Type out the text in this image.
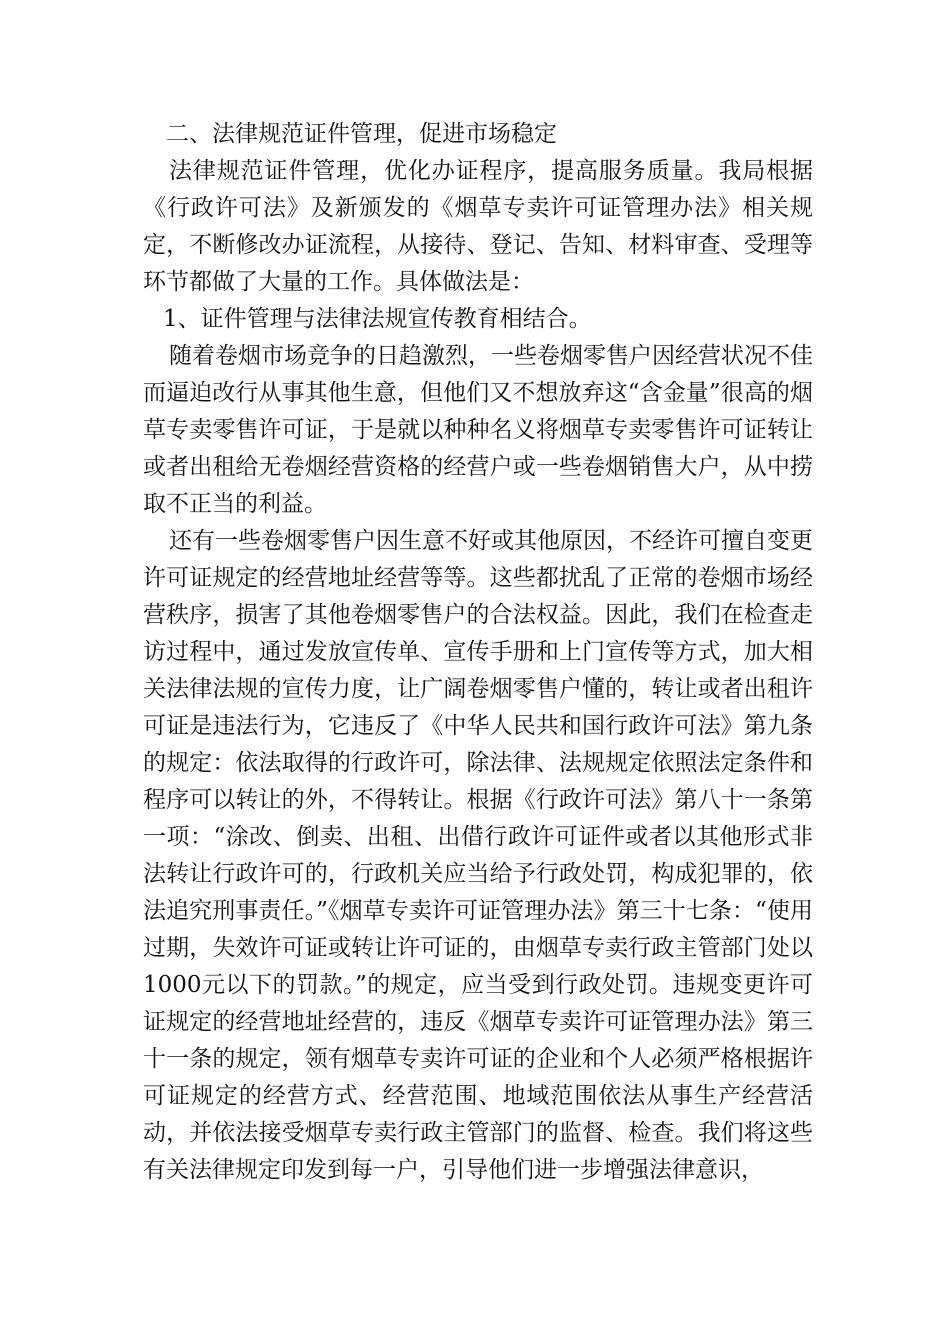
二、法律规范证件管理，促进市场稳定

法律规范证件管理，优化办证程序，提高服务质量。我局根据《行政许可法》及新颁发的《烟草专卖许可证管理办法》相关规定，不断修改办证流程，从接待、登记、告知、材料审查、受理等环节都做了大量的工作。具体做法是：

1、证件管理与法律法规宣传教育相结合。

随着卷烟市场竞争的日趋激烈，一些卷烟零售户因经营状况不佳而逼迫改行从事其他生意，但他们又不想放弃这“含金量”很高的烟草专卖零售许可证，于是就以种种名义将烟草专卖零售许可证转让或者出租给无卷烟经营资格的经营户或一些卷烟销售大户，从中捞取不正当的利益。

还有一些卷烟零售户因生意不好或其他原因，不经许可擅自变更许可证规定的经营地址经营等等。这些都扰乱了正常的卷烟市场经营秩序，损害了其他卷烟零售户的合法权益。因此，我们在检查走访过程中，通过发放宣传单、宣传手册和上门宣传等方式，加大相关法律法规的宣传力度，让广阔卷烟零售户懂的，转让或者出租许可证是违法行为，它违反了《中华人民共和国行政许可法》第九条的规定：依法取得的行政许可，除法律、法规规定依照法定条件和程序可以转让的外，不得转让。根据《行政许可法》第八十一条第一项：“涂改、倒卖、出租、出借行政许可证件或者以其他形式非法转让行政许可的，行政机关应当给予行政处罚，构成犯罪的，依法追究刑事责任。”《烟草专卖许可证管理办法》第三十七条：“使用过期，失效许可证或转让许可证的，由烟草专卖行政主管部门处以1000元以下的罚款。”的规定，应当受到行政处罚。违规变更许可证规定的经营地址经营的，违反《烟草专卖许可证管理办法》第三十一条的规定，领有烟草专卖许可证的企业和个人必须严格根据许可证规定的经营方式、经营范围、地域范围依法从事生产经营活动，并依法接受烟草专卖行政主管部门的监督、检查。我们将这些有关法律规定印发到每一户，引导他们进一步增强法律意识，
